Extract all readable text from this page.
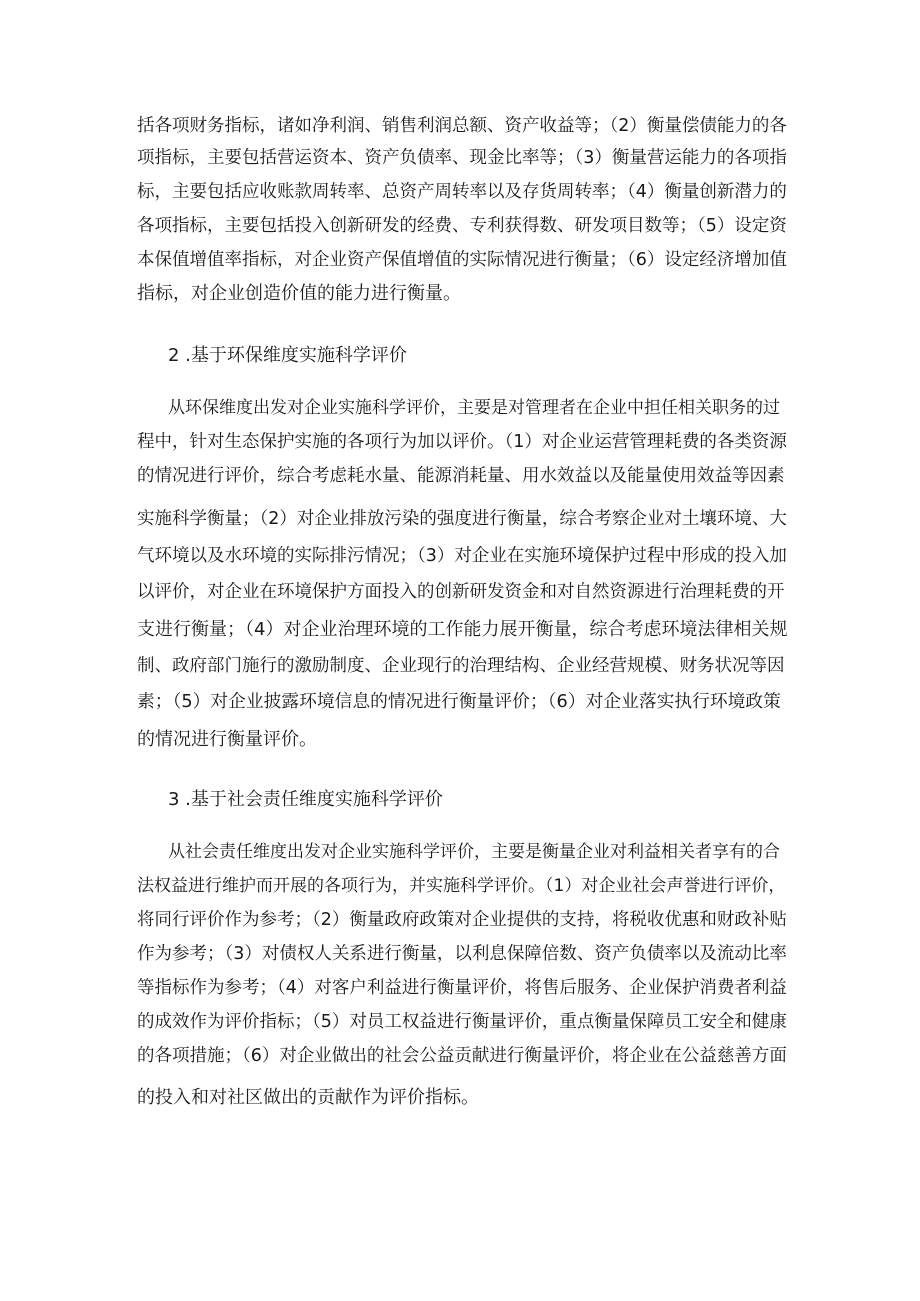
括各项财务指标，诸如净利润、销售利润总额、资产收益等；（2）衡量偿债能力的各
项指标，主要包括营运资本、资产负债率、现金比率等；（3）衡量营运能力的各项指
标，主要包括应收账款周转率、总资产周转率以及存货周转率；（4）衡量创新潜力的
各项指标，主要包括投入创新研发的经费、专利获得数、研发项目数等；（5）设定资
本保值增值率指标，对企业资产保值增值的实际情况进行衡量；（6）设定经济增加值
指标，对企业创造价值的能力进行衡量。
2 .基于环保维度实施科学评价
从环保维度出发对企业实施科学评价，主要是对管理者在企业中担任相关职务的过
程中，针对生态保护实施的各项行为加以评价。（1）对企业运营管理耗费的各类资源
的情况进行评价，综合考虑耗水量、能源消耗量、用水效益以及能量使用效益等因素
实施科学衡量；（2）对企业排放污染的强度进行衡量，综合考察企业对土壤环境、大
气环境以及水环境的实际排污情况；（3）对企业在实施环境保护过程中形成的投入加
以评价，对企业在环境保护方面投入的创新研发资金和对自然资源进行治理耗费的开
支进行衡量；（4）对企业治理环境的工作能力展开衡量，综合考虑环境法律相关规
制、政府部门施行的激励制度、企业现行的治理结构、企业经营规模、财务状况等因
素；（5）对企业披露环境信息的情况进行衡量评价；（6）对企业落实执行环境政策
的情况进行衡量评价。
3 .基于社会责任维度实施科学评价
从社会责任维度出发对企业实施科学评价，主要是衡量企业对利益相关者享有的合
法权益进行维护而开展的各项行为，并实施科学评价。（1）对企业社会声誉进行评价，
将同行评价作为参考；（2）衡量政府政策对企业提供的支持，将税收优惠和财政补贴
作为参考；（3）对债权人关系进行衡量，以利息保障倍数、资产负债率以及流动比率
等指标作为参考；（4）对客户利益进行衡量评价，将售后服务、企业保护消费者利益
的成效作为评价指标；（5）对员工权益进行衡量评价，重点衡量保障员工安全和健康
的各项措施；（6）对企业做出的社会公益贡献进行衡量评价，将企业在公益慈善方面
的投入和对社区做出的贡献作为评价指标。
